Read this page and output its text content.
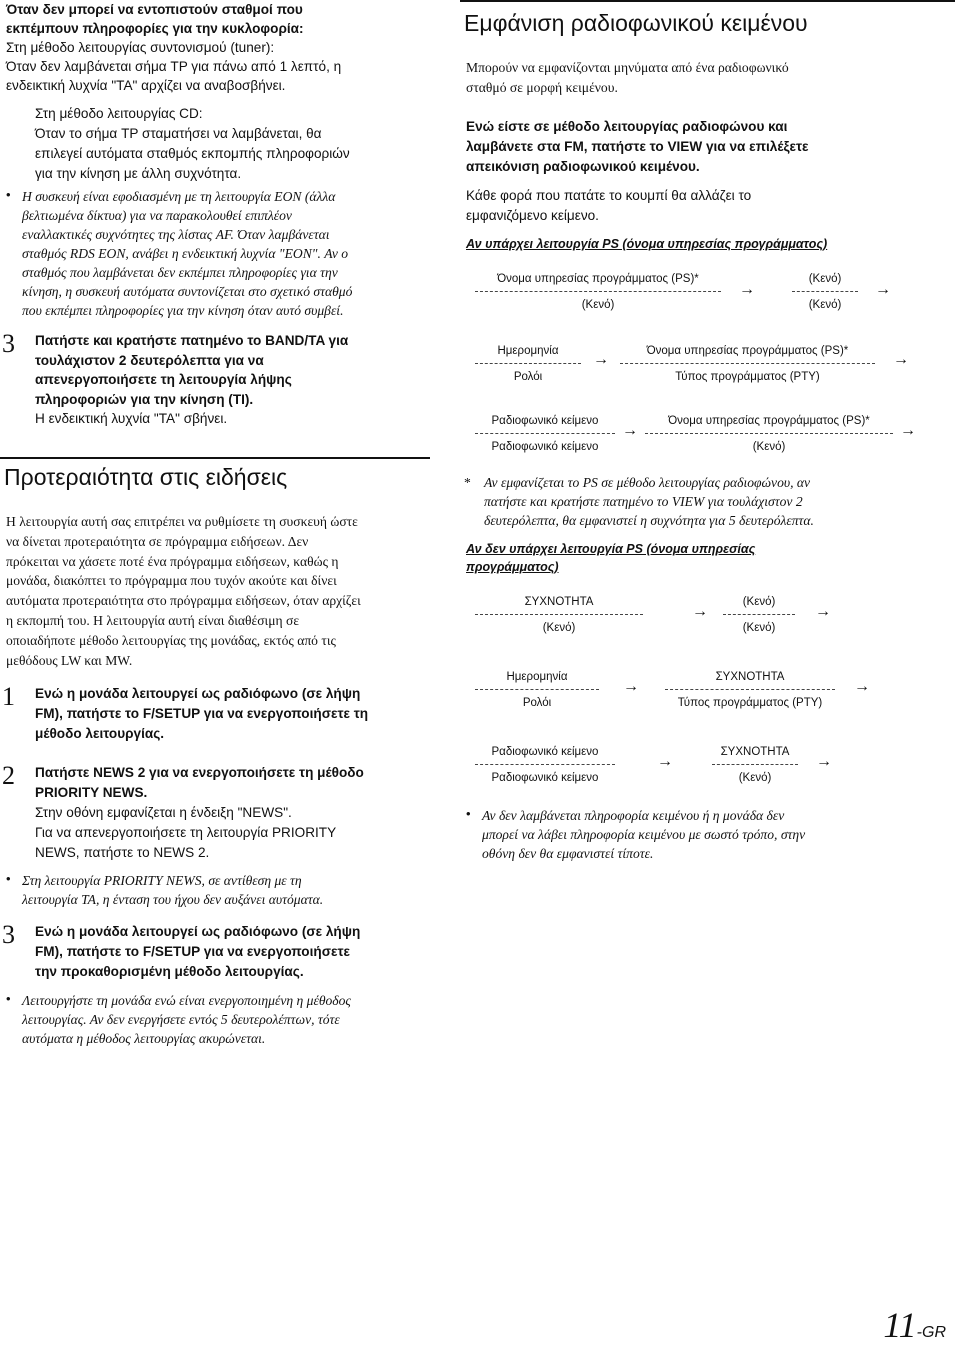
Όταν δεν μπορεί να εντοπιστούν σταθμοί που
εκπέμπουν πληροφορίες για την κυκλοφορία:
Στη μέθοδο λειτουργίας συντονισμού (tuner):
Όταν δεν λαμβάνεται σήμα TP για πάνω από 1 λεπτό, η
ενδεικτική λυχνία "TA" αρχίζει να αναβοσβήνει.
Στη μέθοδο λειτουργίας CD:
Όταν το σήμα TP σταματήσει να λαμβάνεται, θα
επιλεγεί αυτόματα σταθμός εκπομπής πληροφοριών
για την κίνηση με άλλη συχνότητα.
• Η συσκευή είναι εφοδιασμένη με τη λειτουργία EON (άλλα
βελτιωμένα δίκτυα) για να παρακολουθεί επιπλέον
εναλλακτικές συχνότητες της λίστας AF. Όταν λαμβάνεται
σταθμός RDS EON, ανάβει η ενδεικτική λυχνία "EON". Αν ο
σταθμός που λαμβάνεται δεν εκπέμπει πληροφορίες για την
κίνηση, η συσκευή αυτόματα συντονίζεται στο σχετικό σταθμό
που εκπέμπει πληροφορίες για την κίνηση όταν αυτό συμβεί.
3 Πατήστε και κρατήστε πατημένο το BAND/TA για
τουλάχιστον 2 δευτερόλεπτα για να
απενεργοποιήσετε τη λειτουργία λήψης
πληροφοριών για την κίνηση (TI).
Η ενδεικτική λυχνία "TA" σβήνει.
Προτεραιότητα στις ειδήσεις
Η λειτουργία αυτή σας επιτρέπει να ρυθμίσετε τη συσκευή ώστε
να δίνεται προτεραιότητα σε πρόγραμμα ειδήσεων. Δεν
πρόκειται να χάσετε ποτέ ένα πρόγραμμα ειδήσεων, καθώς η
μονάδα, διακόπτει το πρόγραμμα που τυχόν ακούτε και δίνει
αυτόματα προτεραιότητα στο πρόγραμμα ειδήσεων, όταν αρχίζει
η εκπομπή του. Η λειτουργία αυτή είναι διαθέσιμη σε
οποιαδήποτε μέθοδο λειτουργίας της μονάδας, εκτός από τις
μεθόδους LW και MW.
1 Ενώ η μονάδα λειτουργεί ως ραδιόφωνο (σε λήψη
FM), πατήστε το F/SETUP για να ενεργοποιήσετε τη
μέθοδο λειτουργίας.
2 Πατήστε NEWS 2 για να ενεργοποιήσετε τη μέθοδο
PRIORITY NEWS.
Στην οθόνη εμφανίζεται η ένδειξη "NEWS".
Για να απενεργοποιήσετε τη λειτουργία PRIORITY
NEWS, πατήστε το NEWS 2.
• Στη λειτουργία PRIORITY NEWS, σε αντίθεση με τη
λειτουργία TA, η ένταση του ήχου δεν αυξάνει αυτόματα.
3 Ενώ η μονάδα λειτουργεί ως ραδιόφωνο (σε λήψη
FM), πατήστε το F/SETUP για να ενεργοποιήσετε
την προκαθορισμένη μέθοδο λειτουργίας.
• Λειτουργήστε τη μονάδα ενώ είναι ενεργοποιημένη η μέθοδος
λειτουργίας. Αν δεν ενεργήσετε εντός 5 δευτερολέπτων, τότε
αυτόματα η μέθοδος λειτουργίας ακυρώνεται.
Εμφάνιση ραδιοφωνικού κειμένου
Μπορούν να εμφανίζονται μηνύματα από ένα ραδιοφωνικό
σταθμό σε μορφή κειμένου.
Ενώ είστε σε μέθοδο λειτουργίας ραδιοφώνου και
λαμβάνετε στα FM, πατήστε το VIEW για να επιλέξετε
απεικόνιση ραδιοφωνικού κειμένου.
Κάθε φορά που πατάτε το κουμπί θα αλλάζει το
εμφανιζόμενο κείμενο.
Αν υπάρχει λειτουργία PS (όνομα υπηρεσίας προγράμματος)
Όνομα υπηρεσίας προγράμματος (PS)*
(Κενό)
→
(Κενό)
(Κενό)
→
Ημερομηνία
Ρολόι
→	Όνομα υπηρεσίας προγράμματος (PS)*
Τύπος προγράμματος (PTY)
→
Ραδιοφωνικό κείμενο
Ραδιοφωνικό κείμενο
→
Όνομα υπηρεσίας προγράμματος (PS)*
(Κενό)
→
* Αν εμφανίζεται το PS σε μέθοδο λειτουργίας ραδιοφώνου, αν
πατήστε και κρατήστε πατημένο το VIEW για τουλάχιστον 2
δευτερόλεπτα, θα εμφανιστεί η συχνότητα για 5 δευτερόλεπτα.
Αν δεν υπάρχει λειτουργία PS (όνομα υπηρεσίας
προγράμματος)
ΣΥΧΝΟΤΗΤΑ
(Κενό)
→
(Κενό)
(Κενό)
→
Ημερομηνία
Ρολόι
→
ΣΥΧΝΟΤΗΤΑ
Τύπος προγράμματος (PTY)
→
Ραδιοφωνικό κείμενο
Ραδιοφωνικό κείμενο
→
ΣΥΧΝΟΤΗΤΑ
(Κενό)
→
• Αν δεν λαμβάνεται πληροφορία κειμένου ή η μονάδα δεν
μπορεί να λάβει πληροφορία κειμένου με σωστό τρόπο, στην
οθόνη δεν θα εμφανιστεί τίποτε.
11-GR
